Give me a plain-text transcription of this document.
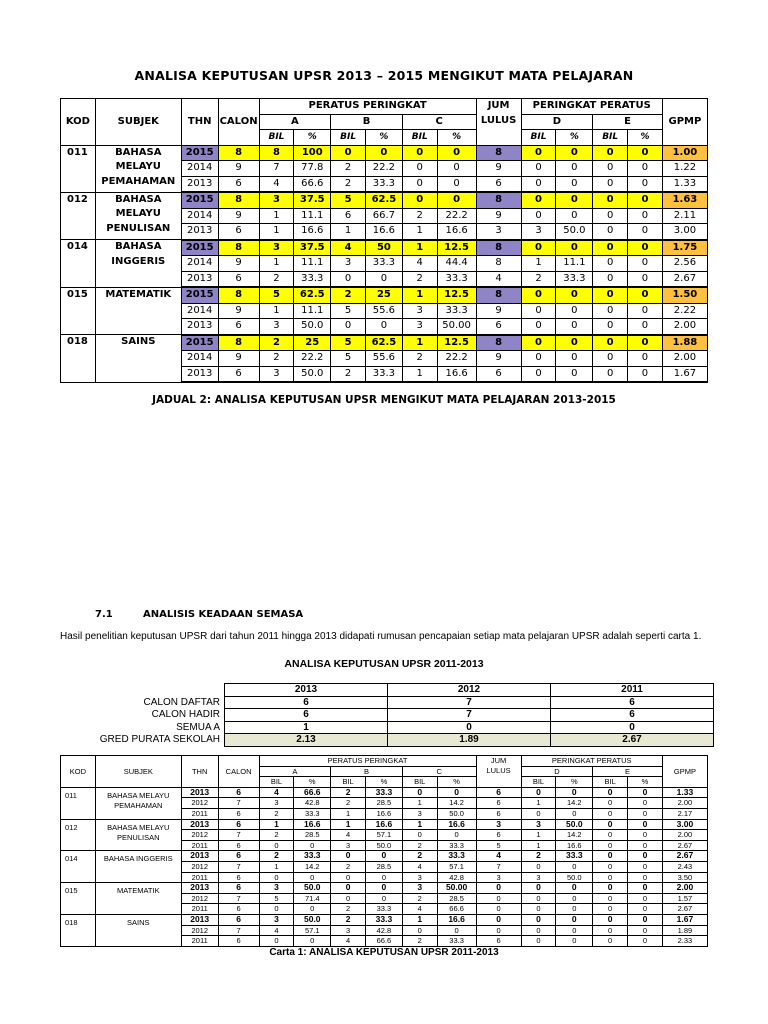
ANALISA KEPUTUSAN UPSR 2013 – 2015 MENGIKUT MATA PELAJARAN
KOD	SUBJEK	THN	CALON	PERATUS PERINGKAT						JUM
LULUS	PERINGKAT PERATUS				GPMP
				A		B		C			D		E		
				BIL	%	BIL	%	BIL	%		BIL	%	BIL	%	
011	BAHASA MELAYU PEMAHAMAN	2015	8	8	100	0	0	0	0	8	0	0	0	0	1.00
		2014	9	7	77.8	2	22.2	0	0	9	0	0	0	0	1.22
		2013	6	4	66.6	2	33.3	0	0	6	0	0	0	0	1.33
012	BAHASA MELAYU PENULISAN	2015	8	3	37.5	5	62.5	0	0	8	0	0	0	0	1.63
		2014	9	1	11.1	6	66.7	2	22.2	9	0	0	0	0	2.11
		2013	6	1	16.6	1	16.6	1	16.6	3	3	50.0	0	0	3.00
014	BAHASA INGGERIS	2015	8	3	37.5	4	50	1	12.5	8	0	0	0	0	1.75
		2014	9	1	11.1	3	33.3	4	44.4	8	1	11.1	0	0	2.56
		2013	6	2	33.3	0	0	2	33.3	4	2	33.3	0	0	2.67
015	MATEMATIK	2015	8	5	62.5	2	25	1	12.5	8	0	0	0	0	1.50
		2014	9	1	11.1	5	55.6	3	33.3	9	0	0	0	0	2.22
		2013	6	3	50.0	0	0	3	50.00	6	0	0	0	0	2.00
018	SAINS	2015	8	2	25	5	62.5	1	12.5	8	0	0	0	0	1.88
		2014	9	2	22.2	5	55.6	2	22.2	9	0	0	0	0	2.00
		2013	6	3	50.0	2	33.3	1	16.6	6	0	0	0	0	1.67
JADUAL 2: ANALISA KEPUTUSAN UPSR MENGIKUT MATA PELAJARAN 2013-2015
7.1	ANALISIS KEADAAN SEMASA
Hasil penelitian keputusan UPSR dari tahun 2011 hingga 2013 didapati rumusan pencapaian setiap mata pelajaran UPSR adalah seperti carta 1.
ANALISA KEPUTUSAN UPSR 2011-2013
	2013	2012	2011
CALON DAFTAR	6	7	6
CALON HADIR	6	7	6
SEMUA A	1	0	0
GRED PURATA SEKOLAH	2.13	1.89	2.67
KOD	SUBJEK	THN	CALON	PERATUS PERINGKAT						JUM
LULUS	PERINGKAT PERATUS				GPMP
				A		B		C			D		E		
				BIL	%	BIL	%	BIL	%		BIL	%	BIL	%	
011	BAHASA MELAYU PEMAHAMAN	2013	6	4	66.6	2	33.3	0	0	6	0	0	0	0	1.33
		2012	7	3	42.8	2	28.5	1	14.2	6	1	14.2	0	0	2.00
		2011	6	2	33.3	1	16.6	3	50.0	6	0	0	0	0	2.17
012	BAHASA MELAYU PENULISAN	2013	6	1	16.6	1	16.6	1	16.6	3	3	50.0	0	0	3.00
		2012	7	2	28.5	4	57.1	0	0	6	1	14.2	0	0	2.00
		2011	6	0	0	3	50.0	2	33.3	5	1	16.6	0	0	2.67
014	BAHASA INGGERIS	2013	6	2	33.3	0	0	2	33.3	4	2	33.3	0	0	2.67
		2012	7	1	14.2	2	28.5	4	57.1	7	0	0	0	0	2.43
		2011	6	0	0	0	0	3	42.8	3	3	50.0	0	0	3.50
015	MATEMATIK	2013	6	3	50.0	0	0	3	50.00	0	0	0	0	0	2.00
		2012	7	5	71.4	0	0	2	28.5	0	0	0	0	0	1.57
		2011	6	0	0	2	33.3	4	66.6	0	0	0	0	0	2.67
018	SAINS	2013	6	3	50.0	2	33.3	1	16.6	0	0	0	0	0	1.67
		2012	7	4	57.1	3	42.8	0	0	0	0	0	0	0	1.89
		2011	6	0	0	4	66.6	2	33.3	6	0	0	0	0	2.33
Carta 1: ANALISA KEPUTUSAN UPSR 2011-2013
